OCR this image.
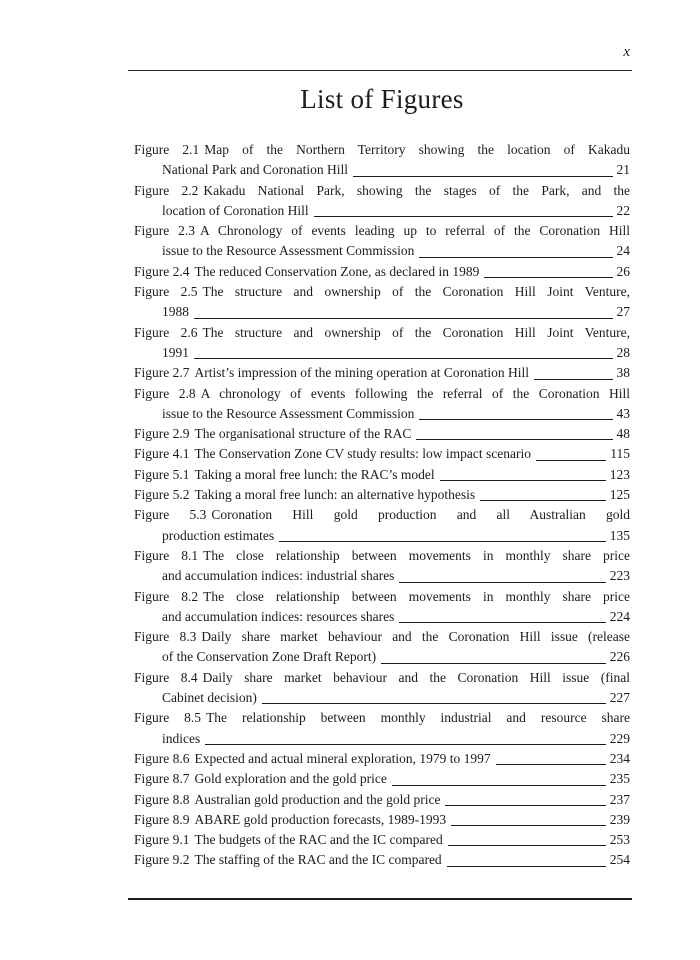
x
List of Figures
Figure 2.1 Map of the Northern Territory showing the location of Kakadu
National Park and Coronation Hill	21
Figure 2.2 Kakadu National Park, showing the stages of the Park, and the
location of Coronation Hill	22
Figure 2.3 A Chronology of events leading up to referral of the Coronation Hill
issue to the Resource Assessment Commission	24
Figure 2.4 The reduced Conservation Zone, as declared in 1989	26
Figure 2.5 The structure and ownership of the Coronation Hill Joint Venture,
1988	27
Figure 2.6 The structure and ownership of the Coronation Hill Joint Venture,
1991	28
Figure 2.7 Artist’s impression of the mining operation at Coronation Hill	38
Figure 2.8 A chronology of events following the referral of the Coronation Hill
issue to the Resource Assessment Commission	43
Figure 2.9 The organisational structure of the RAC	48
Figure 4.1 The Conservation Zone CV study results: low impact scenario	115
Figure 5.1 Taking a moral free lunch: the RAC’s model	123
Figure 5.2 Taking a moral free lunch: an alternative hypothesis	125
Figure 5.3 Coronation Hill gold production and all Australian gold
production estimates	135
Figure 8.1 The close relationship between movements in monthly share price
and accumulation indices: industrial shares	223
Figure 8.2 The close relationship between movements in monthly share price
and accumulation indices: resources shares	224
Figure 8.3 Daily share market behaviour and the Coronation Hill issue (release
of the Conservation Zone Draft Report)	226
Figure 8.4 Daily share market behaviour and the Coronation Hill issue (final
Cabinet decision)	227
Figure 8.5 The relationship between monthly industrial and resource share
indices	229
Figure 8.6 Expected and actual mineral exploration, 1979 to 1997	234
Figure 8.7 Gold exploration and the gold price	235
Figure 8.8 Australian gold production and the gold price	237
Figure 8.9 ABARE gold production forecasts, 1989-1993	239
Figure 9.1 The budgets of the RAC and the IC compared	253
Figure 9.2 The staffing of the RAC and the IC compared	254
